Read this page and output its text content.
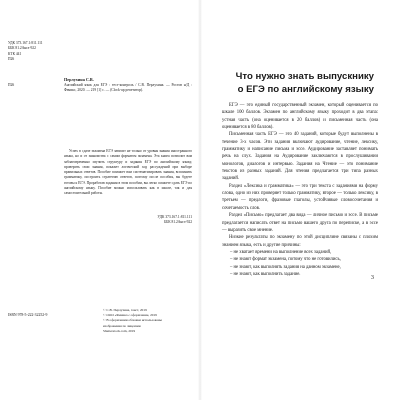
УДК 373.167.1:811.111
ББК 81.2Англ-922
КТК 441
П26
Перлухина С.В.
П26	Английский язык для ЕГЭ : тест-контроль / С.В. Перлухина. — Ростов н/Д : Феникс, 2020. — 219 [1] с. — (Clock-up репетитор).
Успех в сдаче экзамена ЕГЭ зависит не только от уровня знания иностранного языка, но и от знакомства с самим форматом экзамена. Эта книга позволит вам заблаговременно изучить структуру и задания ЕГЭ по английскому языку, проверить свои знания, покажет логический ход рассуждений при выборе правильных ответов. Пособие поможет вам систематизировать знания, вспомнить грамматику, построить стратегию ответов, поэтому после пособия, вы будете готовы к ЕГЭ. Проработав задания в этом пособии, вы легко сможете сдать ЕГЭ по английскому языку. Пособие можно использовать как в школе, так и для самостоятельной работы.
УДК 373.167.1:811.111
ББК 81.2Англ-922
ISBN 978-5-222-32252-9
© С.В. Перлухина, текст, 2019
© ООО «Феникс»: оформление, 2019
© В оформлении обложки использованы
изображения по лицензии
Shutterstock.com, 2019
Что нужно знать выпускнику
о ЕГЭ по английскому языку
3

ЕГЭ — это единый государственный экзамен, который оценивается по шкале 100 баллов. Экзамен по английскому языку проходит в два этапа: устная часть (она оценивается в 20 баллов) и письменная часть (она оценивается в 80 баллов).

Письменная часть ЕГЭ — это 40 заданий, которые будут выполнены в течение 3-х часов. Эти задания включают аудирование, чтение, лексику, грамматику и написание письма и эссе. Аудирование заставляет понимать речь на слух. Задания на Аудирование заключаются в прослушивании монологов, диалогов и интервью. Задания на Чтение — это понимание текстов из разных заданий. Для чтения предлагается три типа разных заданий.

Раздел «Лексика и грамматика» — это три текста с заданиями на форму слова, одно из них проверяет только грамматику, второе — только лексику, в третьем — предлоги, фразовые глаголы, устойчивые словосочетания и сочетаемость слов.

Раздел «Письмо» предлагает два вида — личное письмо и эссе. В письме предлагается написать ответ на письмо вашего друга по переписке, а в эссе — выразить свое мнение.

Низкие результаты по экзамену по этой дисциплине связаны с плохим знанием языка, есть и другие причины:

– не хватает времени на выполнение всех заданий,
– не знают формат экзамена, потому что не готовились,
– не знают, как выполнять задания на данном экзамене,
– не знают, как выполнить задание.
